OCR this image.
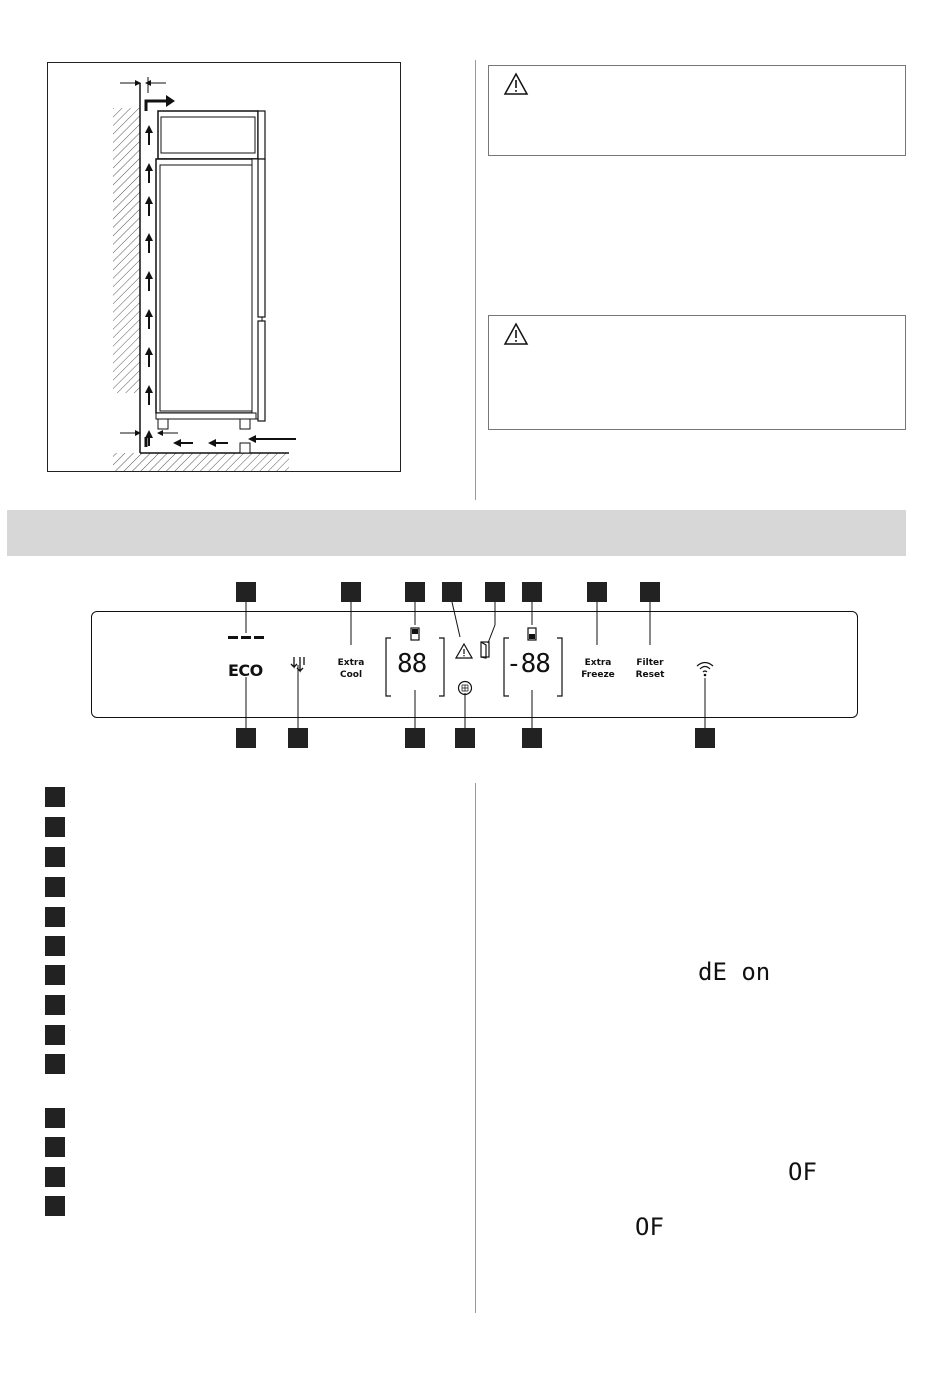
ECO	Extra
Cool	88	-88	Extra
Freeze
Filter
Reset
dE on
OF
OF
